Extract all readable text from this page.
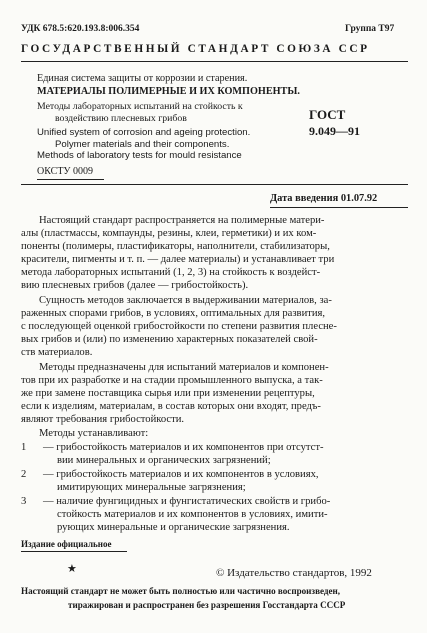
УДК 678.5:620.193.8:006.354	Группа Т97
ГОСУДАРСТВЕННЫЙ СТАНДАРТ СОЮЗА ССР
Единая система защиты от коррозии и старения.
МАТЕРИАЛЫ ПОЛИМЕРНЫЕ И ИХ КОМПОНЕНТЫ.
Методы лабораторных испытаний на стойкость к
воздействию плесневых грибов
Unified system of corrosion and ageing protection.
Polymer materials and their components.
Methods of laboratory tests for mould resistance
ГОСТ
9.049—91
ОКСТУ 0009
Дата введения 01.07.92
Настоящий стандарт распространяется на полимерные матери-
алы (пластмассы, компаунды, резины, клеи, герметики) и их ком-
поненты (полимеры, пластификаторы, наполнители, стабилизаторы,
красители, пигменты и т. п. — далее материалы) и устанавливает три
метода лабораторных испытаний (1, 2, 3) на стойкость к воздейст-
вию плесневых грибов (далее — грибостойкость).
Сущность методов заключается в выдерживании материалов, за-
раженных спорами грибов, в условиях, оптимальных для развития,
с последующей оценкой грибостойкости по степени развития плесне-
вых грибов и (или) по изменению характерных показателей свой-
ств материалов.
Методы предназначены для испытаний материалов и компонен-
тов при их разработке и на стадии промышленного выпуска, а так-
же при замене поставщика сырья или при изменении рецептуры,
если к изделиям, материалам, в состав которых они входят, предъ-
являют требования грибостойкости.
Методы устанавливают:
1 — грибостойкость материалов и их компонентов при отсутст-
вии минеральных и органических загрязнений;
2 — грибостойкость материалов и их компонентов в условиях,
имитирующих минеральные загрязнения;
3 — наличие фунгицидных и фунгистатических свойств и грибо-
стойкость материалов и их компонентов в условиях, имити-
рующих минеральные и органические загрязнения.
Издание официальное
★	© Издательство стандартов, 1992
Настоящий стандарт не может быть полностью или частично воспроизведен,
тиражирован и распространен без разрешения Госстандарта СССР
